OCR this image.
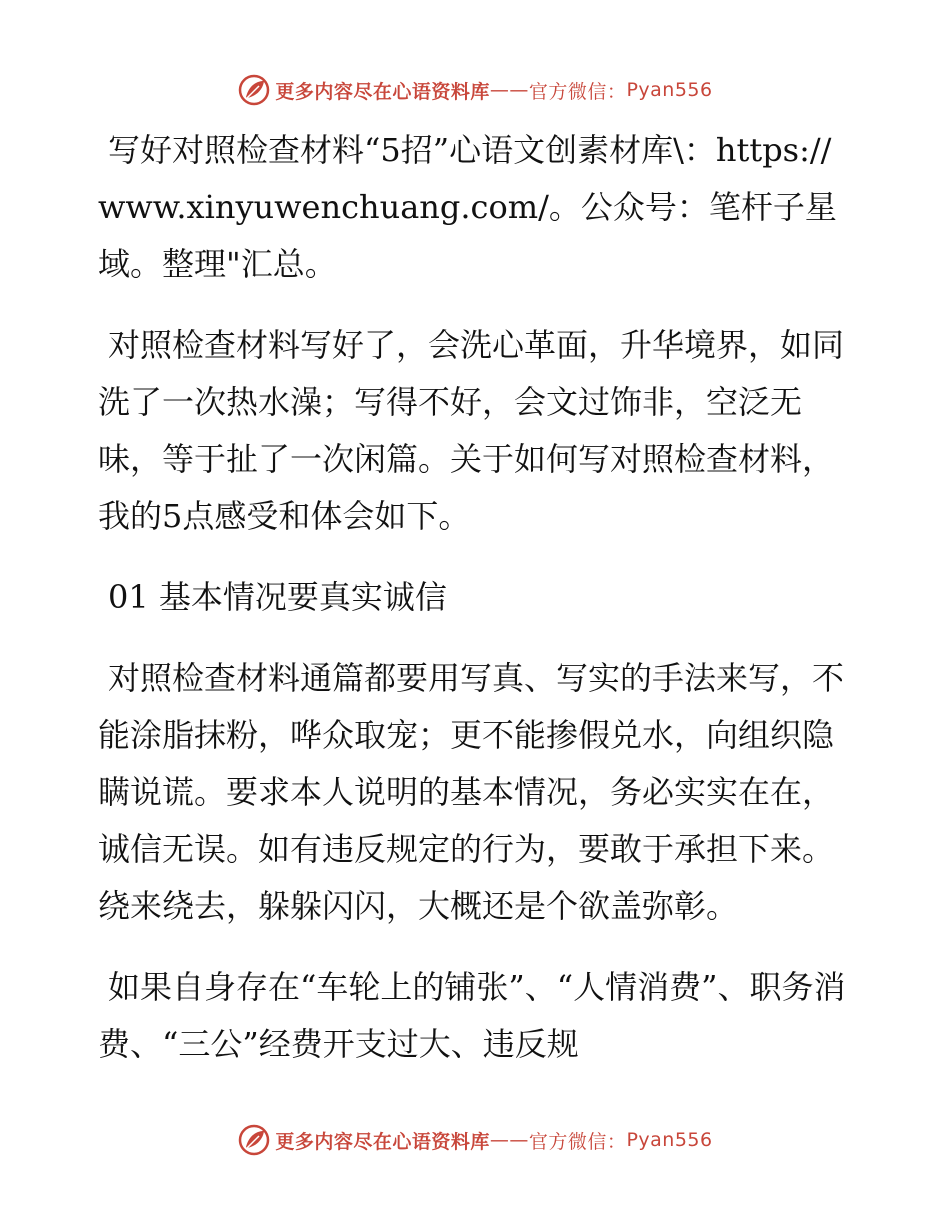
更多内容尽在心语资料库 —— 官方微信： Pyan556

写好对照检查材料“5招”心语文创素材库\：https://www.xinyuwenchuang.com/。公众号：笔杆子星域。整理"汇总。

对照检查材料写好了，会洗心革面，升华境界，如同洗了一次热水澡；写得不好，会文过饰非，空泛无味，等于扯了一次闲篇。关于如何写对照检查材料，我的5点感受和体会如下。

01 基本情况要真实诚信

对照检查材料通篇都要用写真、写实的手法来写，不能涂脂抹粉，哗众取宠；更不能掺假兑水，向组织隐瞒说谎。要求本人说明的基本情况，务必实实在在，诚信无误。如有违反规定的行为，要敢于承担下来。绕来绕去，躲躲闪闪，大概还是个欲盖弥彰。

如果自身存在“车轮上的铺张”、“人情消费”、职务消费、“三公”经费开支过大、违反规

更多内容尽在心语资料库 —— 官方微信： Pyan556
